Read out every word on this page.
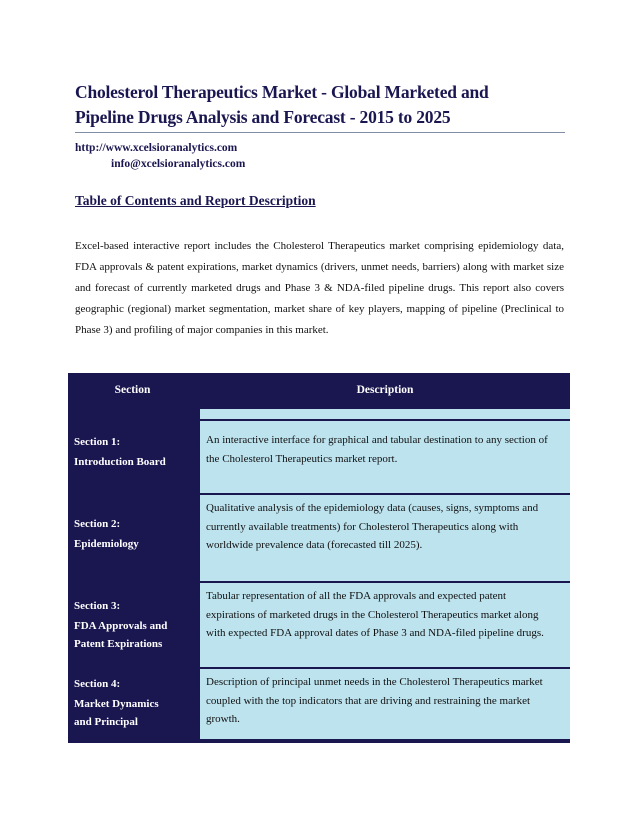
Cholesterol Therapeutics Market - Global Marketed and
Pipeline Drugs Analysis and Forecast - 2015 to 2025
http://www.xcelsioranalytics.com
info@xcelsioranalytics.com
Table of Contents and Report Description
Excel-based interactive report includes the Cholesterol Therapeutics market comprising epidemiology data, FDA approvals & patent expirations, market dynamics (drivers, unmet needs, barriers) along with market size and forecast of currently marketed drugs and Phase 3 & NDA-filed pipeline drugs. This report also covers geographic (regional) market segmentation, market share of key players, mapping of pipeline (Preclinical to Phase 3) and profiling of major companies in this market.
Section	Description
Section 1:
Introduction Board
An interactive interface for graphical and tabular destination to any section of the Cholesterol Therapeutics market report.
Section 2:
Epidemiology
Qualitative analysis of the epidemiology data (causes, signs, symptoms and currently available treatments) for Cholesterol Therapeutics along with worldwide prevalence data (forecasted till 2025).
Section 3:
FDA Approvals and
Patent Expirations
Tabular representation of all the FDA approvals and expected patent expirations of marketed drugs in the Cholesterol Therapeutics market along with expected FDA approval dates of Phase 3 and NDA-filed pipeline drugs.
Section 4:
Market Dynamics
and Principal
Description of principal unmet needs in the Cholesterol Therapeutics market coupled with the top indicators that are driving and restraining the market growth.
